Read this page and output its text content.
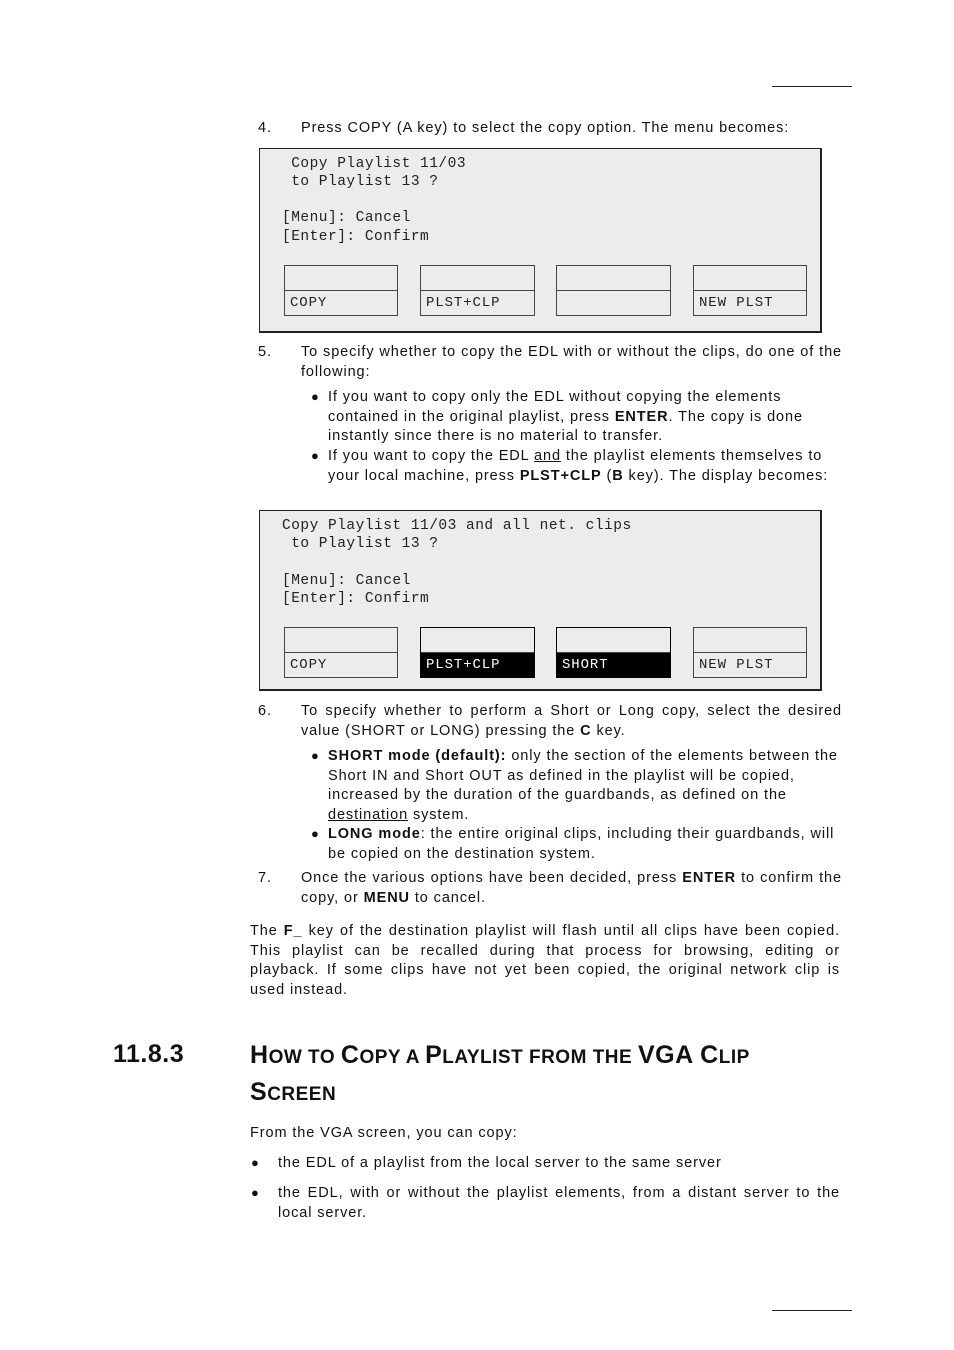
4. Press COPY (A key) to select the copy option. The menu becomes:
Copy Playlist 11/03
to Playlist 13 ?
[Menu]: Cancel
[Enter]: Confirm
COPY	PLST+CLP	NEW PLST
5. To specify whether to copy the EDL with or without the clips, do one of the following:
● If you want to copy only the EDL without copying the elements contained in the original playlist, press ENTER. The copy is done instantly since there is no material to transfer.
● If you want to copy the EDL and the playlist elements themselves to your local machine, press PLST+CLP (B key). The display becomes:
Copy Playlist 11/03 and all net. clips
to Playlist 13 ?
[Menu]: Cancel
[Enter]: Confirm
COPY	PLST+CLP	SHORT	NEW PLST
6. To specify whether to perform a Short or Long copy, select the desired value (SHORT or LONG) pressing the C key.
● SHORT mode (default): only the section of the elements between the Short IN and Short OUT as defined in the playlist will be copied, increased by the duration of the guardbands, as defined on the destination system.
● LONG mode: the entire original clips, including their guardbands, will be copied on the destination system.
7. Once the various options have been decided, press ENTER to confirm the copy, or MENU to cancel.
The F_ key of the destination playlist will flash until all clips have been copied. This playlist can be recalled during that process for browsing, editing or playback. If some clips have not yet been copied, the original network clip is used instead.
11.8.3	HOW TO COPY A PLAYLIST FROM THE VGA CLIP
SCREEN
From the VGA screen, you can copy:
● the EDL of a playlist from the local server to the same server
● the EDL, with or without the playlist elements, from a distant server to the local server.
